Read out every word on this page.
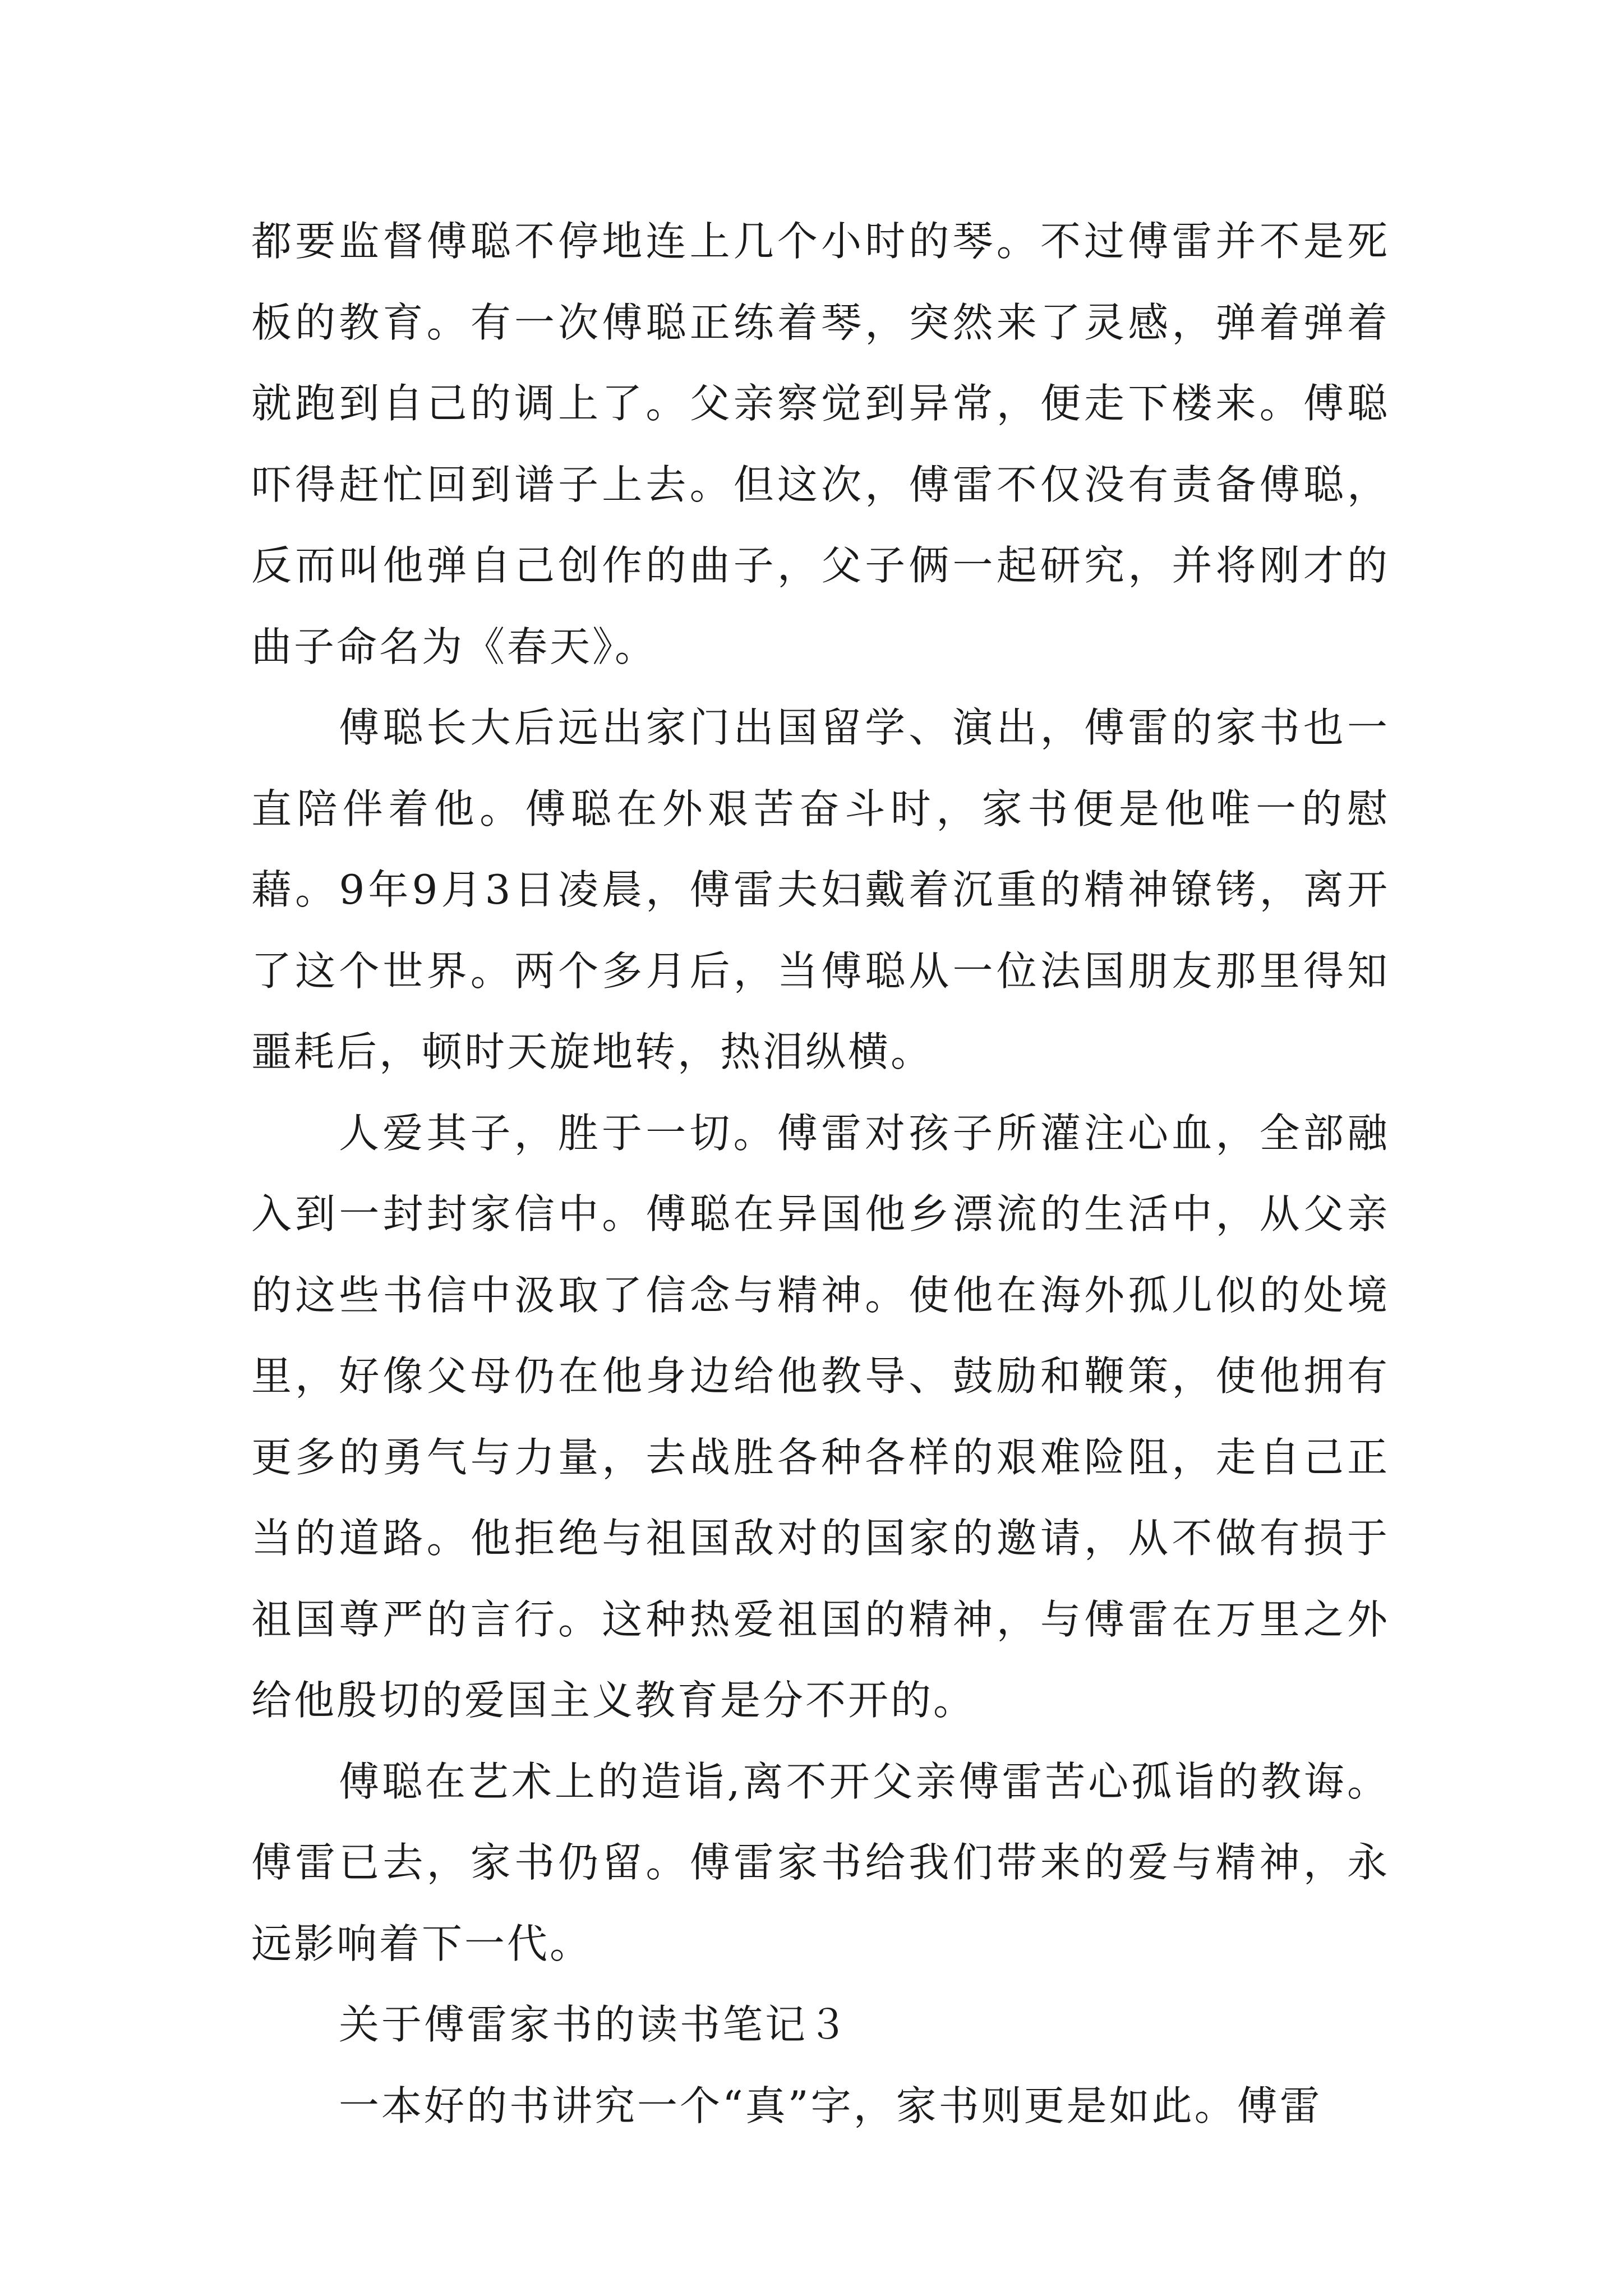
都要监督傅聪不停地连上几个小时的琴。不过傅雷并不是死板的教育。有一次傅聪正练着琴，突然来了灵感，弹着弹着就跑到自己的调上了。父亲察觉到异常，便走下楼来。傅聪吓得赶忙回到谱子上去。但这次，傅雷不仅没有责备傅聪，反而叫他弹自己创作的曲子，父子俩一起研究，并将刚才的曲子命名为《春天》。

傅聪长大后远出家门出国留学、演出，傅雷的家书也一直陪伴着他。傅聪在外艰苦奋斗时，家书便是他唯一的慰藉。9年9月3日凌晨，傅雷夫妇戴着沉重的精神镣铐，离开了这个世界。两个多月后，当傅聪从一位法国朋友那里得知噩耗后，顿时天旋地转，热泪纵横。

人爱其子，胜于一切。傅雷对孩子所灌注心血，全部融入到一封封家信中。傅聪在异国他乡漂流的生活中，从父亲的这些书信中汲取了信念与精神。使他在海外孤儿似的处境里，好像父母仍在他身边给他教导、鼓励和鞭策，使他拥有更多的勇气与力量，去战胜各种各样的艰难险阻，走自己正当的道路。他拒绝与祖国敌对的国家的邀请，从不做有损于祖国尊严的言行。这种热爱祖国的精神，与傅雷在万里之外给他殷切的爱国主义教育是分不开的。

傅聪在艺术上的造诣,离不开父亲傅雷苦心孤诣的教诲。傅雷已去，家书仍留。傅雷家书给我们带来的爱与精神，永远影响着下一代。

关于傅雷家书的读书笔记３

一本好的书讲究一个“真”字，家书则更是如此。傅雷
